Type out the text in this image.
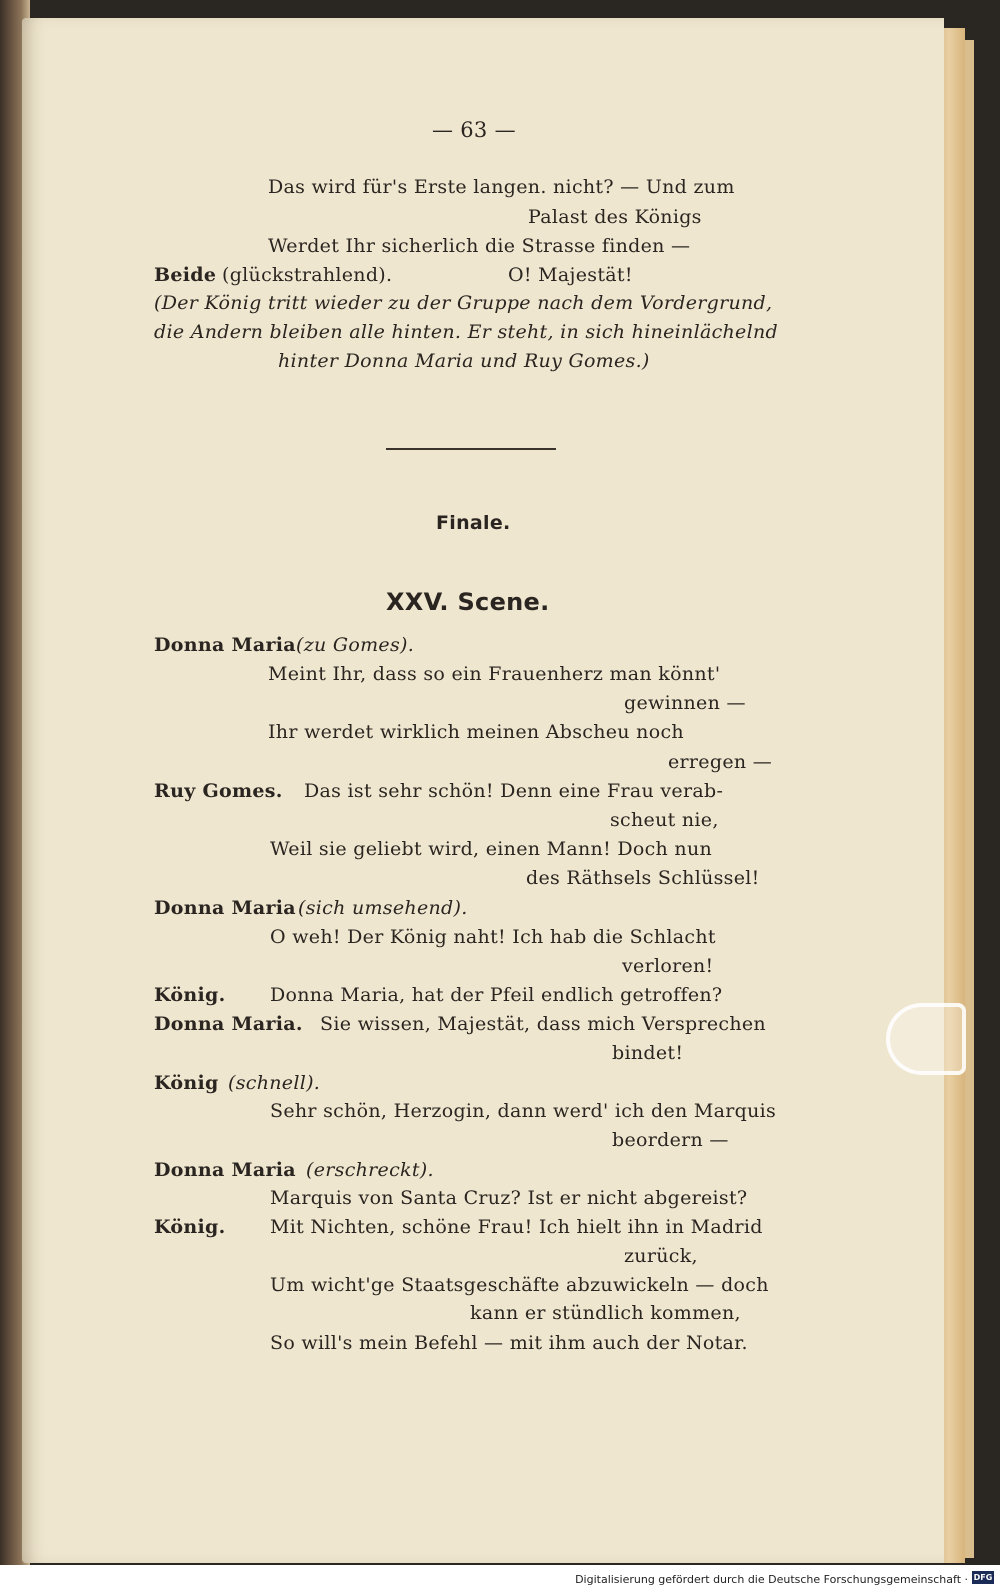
— 63 —
Das wird für's Erste langen. nicht? — Und zum
Palast des Königs
Werdet Ihr sicherlich die Strasse finden —
Beide (glückstrahlend).	O! Majestät!
(Der König tritt wieder zu der Gruppe nach dem Vordergrund,
die Andern bleiben alle hinten. Er steht, in sich hineinlächelnd
hinter Donna Maria und Ruy Gomes.)
Finale.
XXV. Scene.
Donna Maria (zu Gomes).
Meint Ihr, dass so ein Frauenherz man könnt'
gewinnen —
Ihr werdet wirklich meinen Abscheu noch
erregen —
Ruy Gomes. Das ist sehr schön! Denn eine Frau verab-
scheut nie,
Weil sie geliebt wird, einen Mann! Doch nun
des Räthsels Schlüssel!
Donna Maria (sich umsehend).
O weh! Der König naht! Ich hab die Schlacht
verloren!
König. Donna Maria, hat der Pfeil endlich getroffen?
Donna Maria. Sie wissen, Majestät, dass mich Versprechen
bindet!
König (schnell).
Sehr schön, Herzogin, dann werd' ich den Marquis
beordern —
Donna Maria (erschreckt).
Marquis von Santa Cruz? Ist er nicht abgereist?
König. Mit Nichten, schöne Frau! Ich hielt ihn in Madrid
zurück,
Um wicht'ge Staatsgeschäfte abzuwickeln — doch
kann er stündlich kommen,
So will's mein Befehl — mit ihm auch der Notar.
Digitalisierung gefördert durch die Deutsche Forschungsgemeinschaft · DFG
